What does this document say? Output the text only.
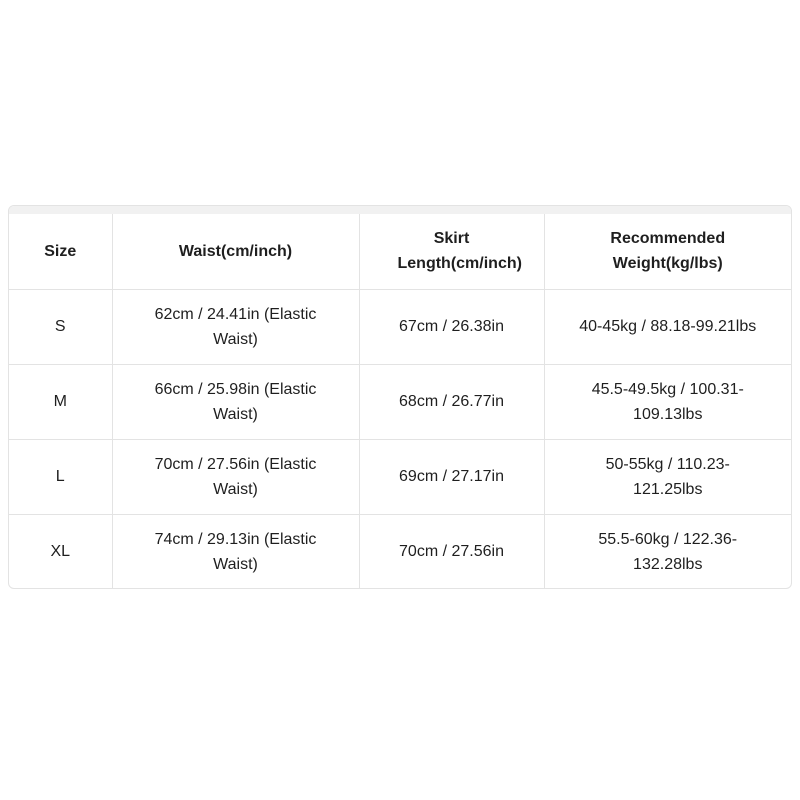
Size	Waist(cm/inch)	Skirt Length(cm/inch)	Recommended Weight(kg/lbs)
S	62cm / 24.41in (Elastic Waist)	67cm / 26.38in	40-45kg / 88.18-99.21lbs
M	66cm / 25.98in (Elastic Waist)	68cm / 26.77in	45.5-49.5kg / 100.31-109.13lbs
L	70cm / 27.56in (Elastic Waist)	69cm / 27.17in	50-55kg / 110.23-121.25lbs
XL	74cm / 29.13in (Elastic Waist)	70cm / 27.56in	55.5-60kg / 122.36-132.28lbs
